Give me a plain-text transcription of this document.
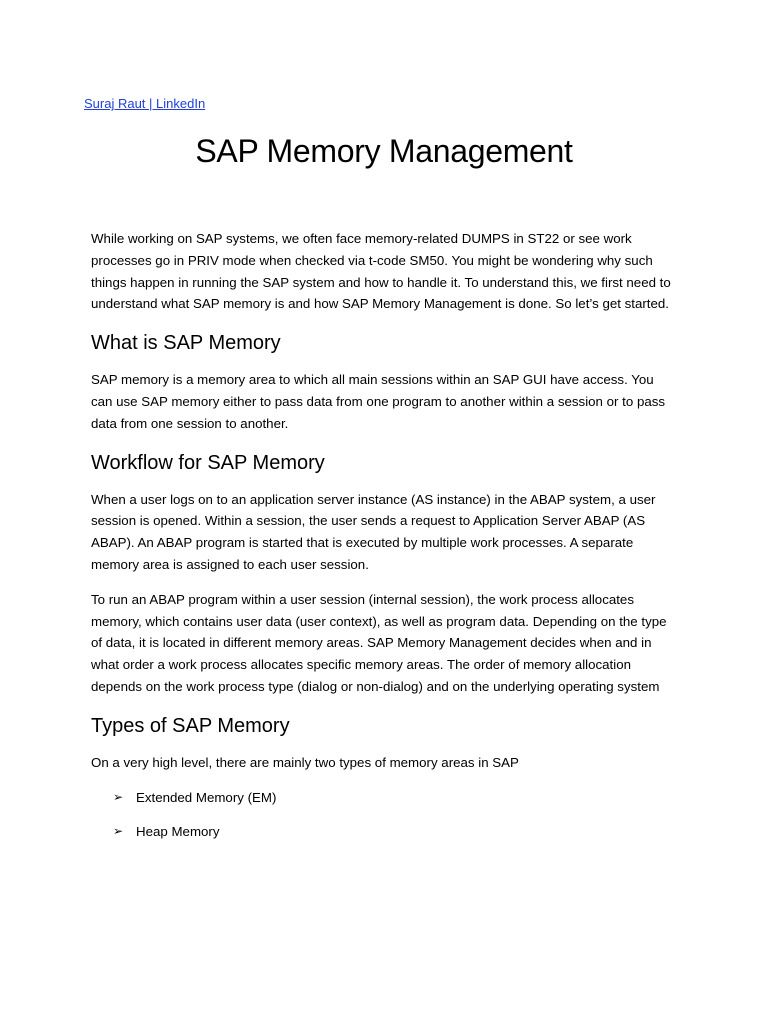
Suraj Raut | LinkedIn
SAP Memory Management

While working on SAP systems, we often face memory-related DUMPS in ST22 or see work processes go in PRIV mode when checked via t-code SM50. You might be wondering why such things happen in running the SAP system and how to handle it. To understand this, we first need to understand what SAP memory is and how SAP Memory Management is done. So let’s get started.

What is SAP Memory

SAP memory is a memory area to which all main sessions within an SAP GUI have access. You can use SAP memory either to pass data from one program to another within a session or to pass data from one session to another.

Workflow for SAP Memory

When a user logs on to an application server instance (AS instance) in the ABAP system, a user session is opened. Within a session, the user sends a request to Application Server ABAP (AS ABAP). An ABAP program is started that is executed by multiple work processes. A separate memory area is assigned to each user session.

To run an ABAP program within a user session (internal session), the work process allocates memory, which contains user data (user context), as well as program data. Depending on the type of data, it is located in different memory areas. SAP Memory Management decides when and in what order a work process allocates specific memory areas. The order of memory allocation depends on the work process type (dialog or non-dialog) and on the underlying operating system

Types of SAP Memory

On a very high level, there are mainly two types of memory areas in SAP

➢ Extended Memory (EM)
➢ Heap Memory
